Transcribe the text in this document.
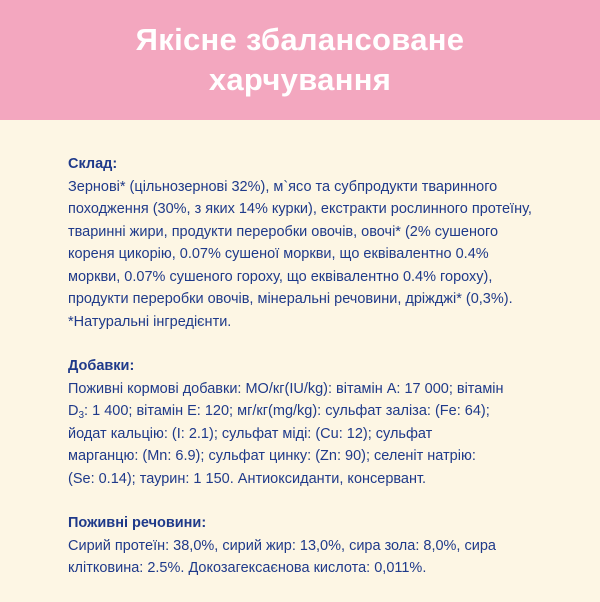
Якісне збалансоване
харчування
Склад:
Зернові* (цільнозернові 32%), м`ясо та субпродукти тваринного
походження (30%, з яких 14% курки), екстракти рослинного протеїну,
тваринні жири, продукти переробки овочів, овочі* (2% сушеного
кореня цикорію, 0.07% сушеної моркви, що еквівалентно 0.4%
моркви, 0.07% сушеного гороху, що еквівалентно 0.4% гороху),
продукти переробки овочів, мінеральні речовини, дріжджі* (0,3%).
*Натуральні інгредієнти.
Добавки:
Поживні кормові добавки: МО/кг(IU/kg): вітамін А: 17 000; вітамін
$D_3$: 1 400; вітамін Е: 120; мг/кг(mg/kg): сульфат заліза: (Fe: 64);
йодат кальцію: (I: 2.1); сульфат міді: (Cu: 12); сульфат
марганцю: (Mn: 6.9); сульфат цинку: (Zn: 90); селеніт натрію:
(Se: 0.14); таурин: 1 150. Антиоксиданти, консервант.
Поживні речовини:
Сирий протеїн: 38,0%, сирий жир: 13,0%, сира зола: 8,0%, сира
клітковина: 2.5%. Докозагексаєнова кислота: 0,011%.
